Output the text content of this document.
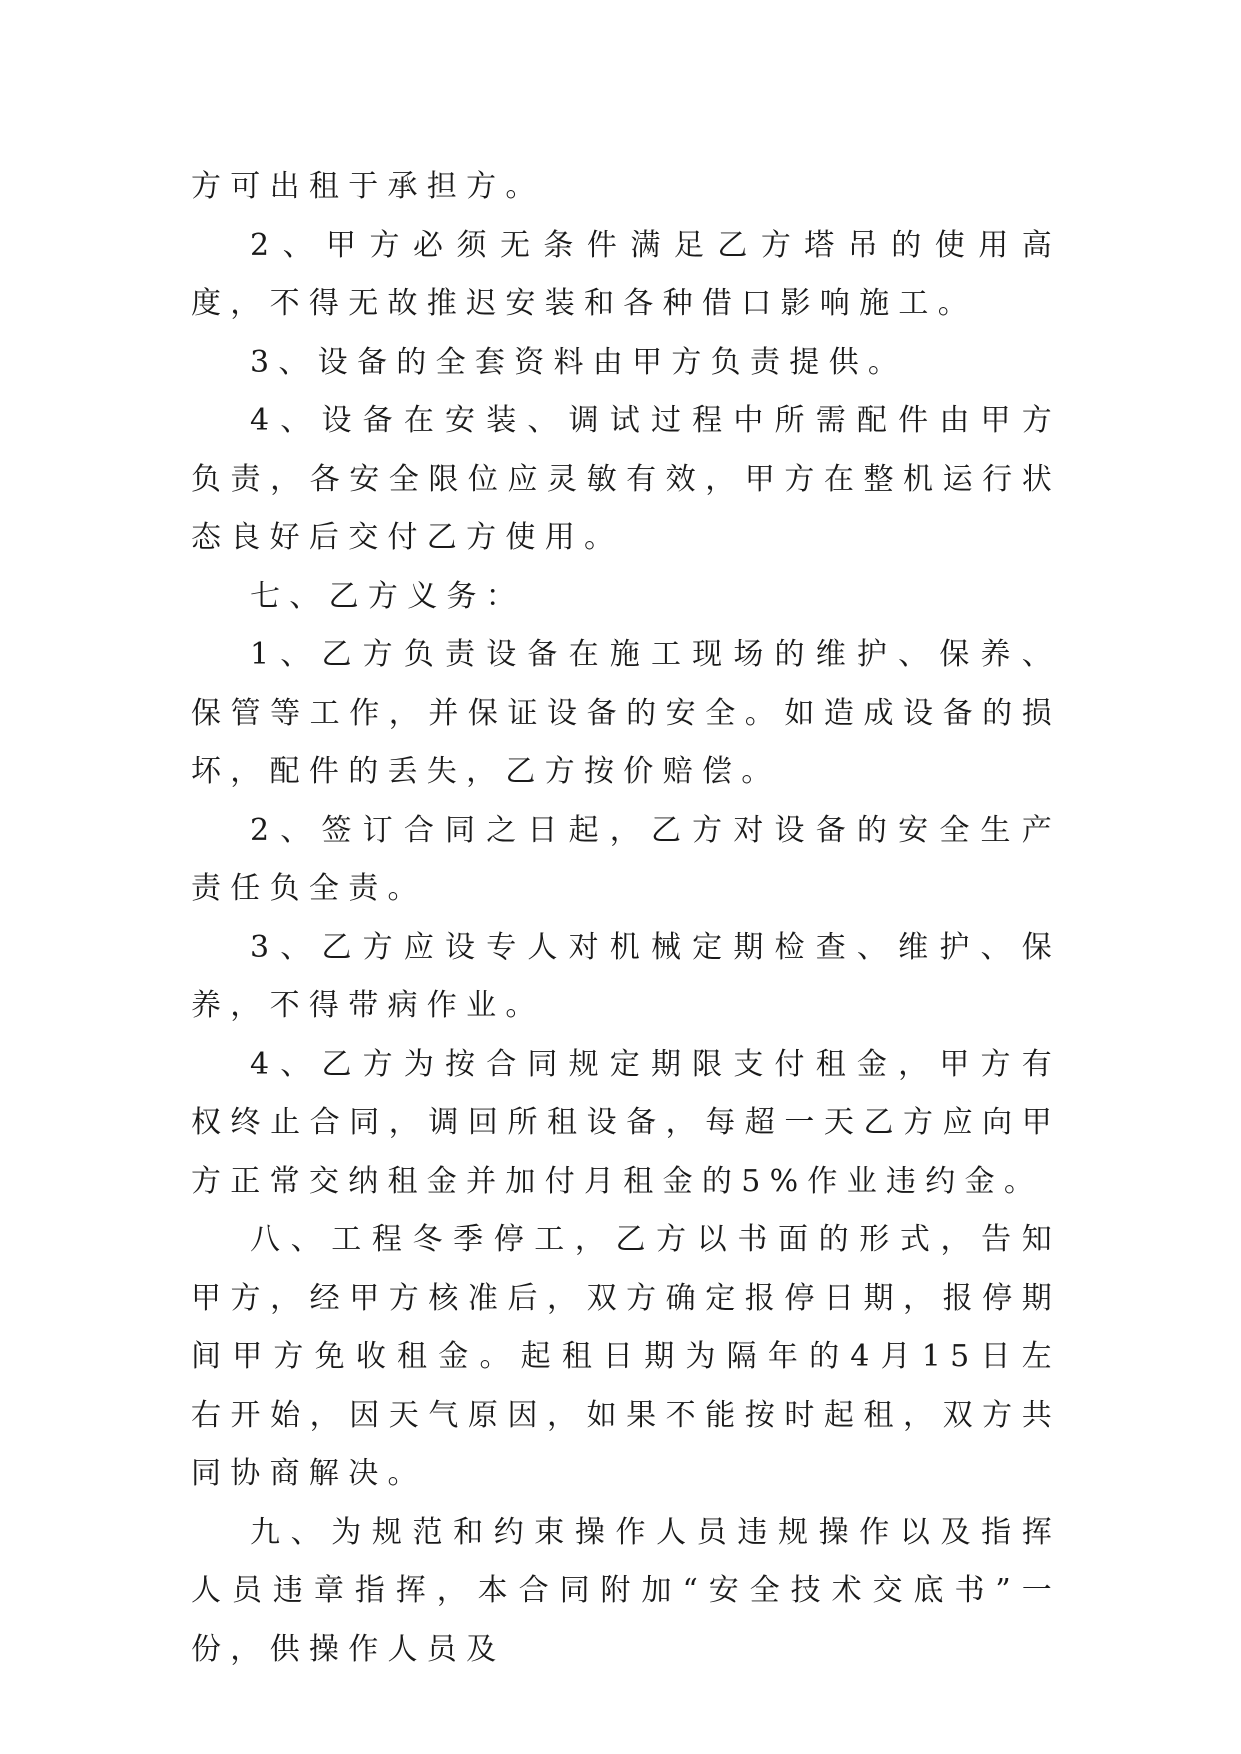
方可出租于承担方。

2、甲方必须无条件满足乙方塔吊的使用高度，不得无故推迟安装和各种借口影响施工。

3、设备的全套资料由甲方负责提供。

4、设备在安装、调试过程中所需配件由甲方负责，各安全限位应灵敏有效，甲方在整机运行状态良好后交付乙方使用。

七、乙方义务：

1、乙方负责设备在施工现场的维护、保养、保管等工作，并保证设备的安全。如造成设备的损坏，配件的丢失，乙方按价赔偿。

2、签订合同之日起，乙方对设备的安全生产责任负全责。

3、乙方应设专人对机械定期检查、维护、保养，不得带病作业。

4、乙方为按合同规定期限支付租金，甲方有权终止合同，调回所租设备，每超一天乙方应向甲方正常交纳租金并加付月租金的5%作业违约金。

八、工程冬季停工，乙方以书面的形式，告知甲方，经甲方核准后，双方确定报停日期，报停期间甲方免收租金。起租日期为隔年的4月15日左右开始，因天气原因，如果不能按时起租，双方共同协商解决。

九、为规范和约束操作人员违规操作以及指挥人员违章指挥，本合同附加“安全技术交底书”一份，供操作人员及
